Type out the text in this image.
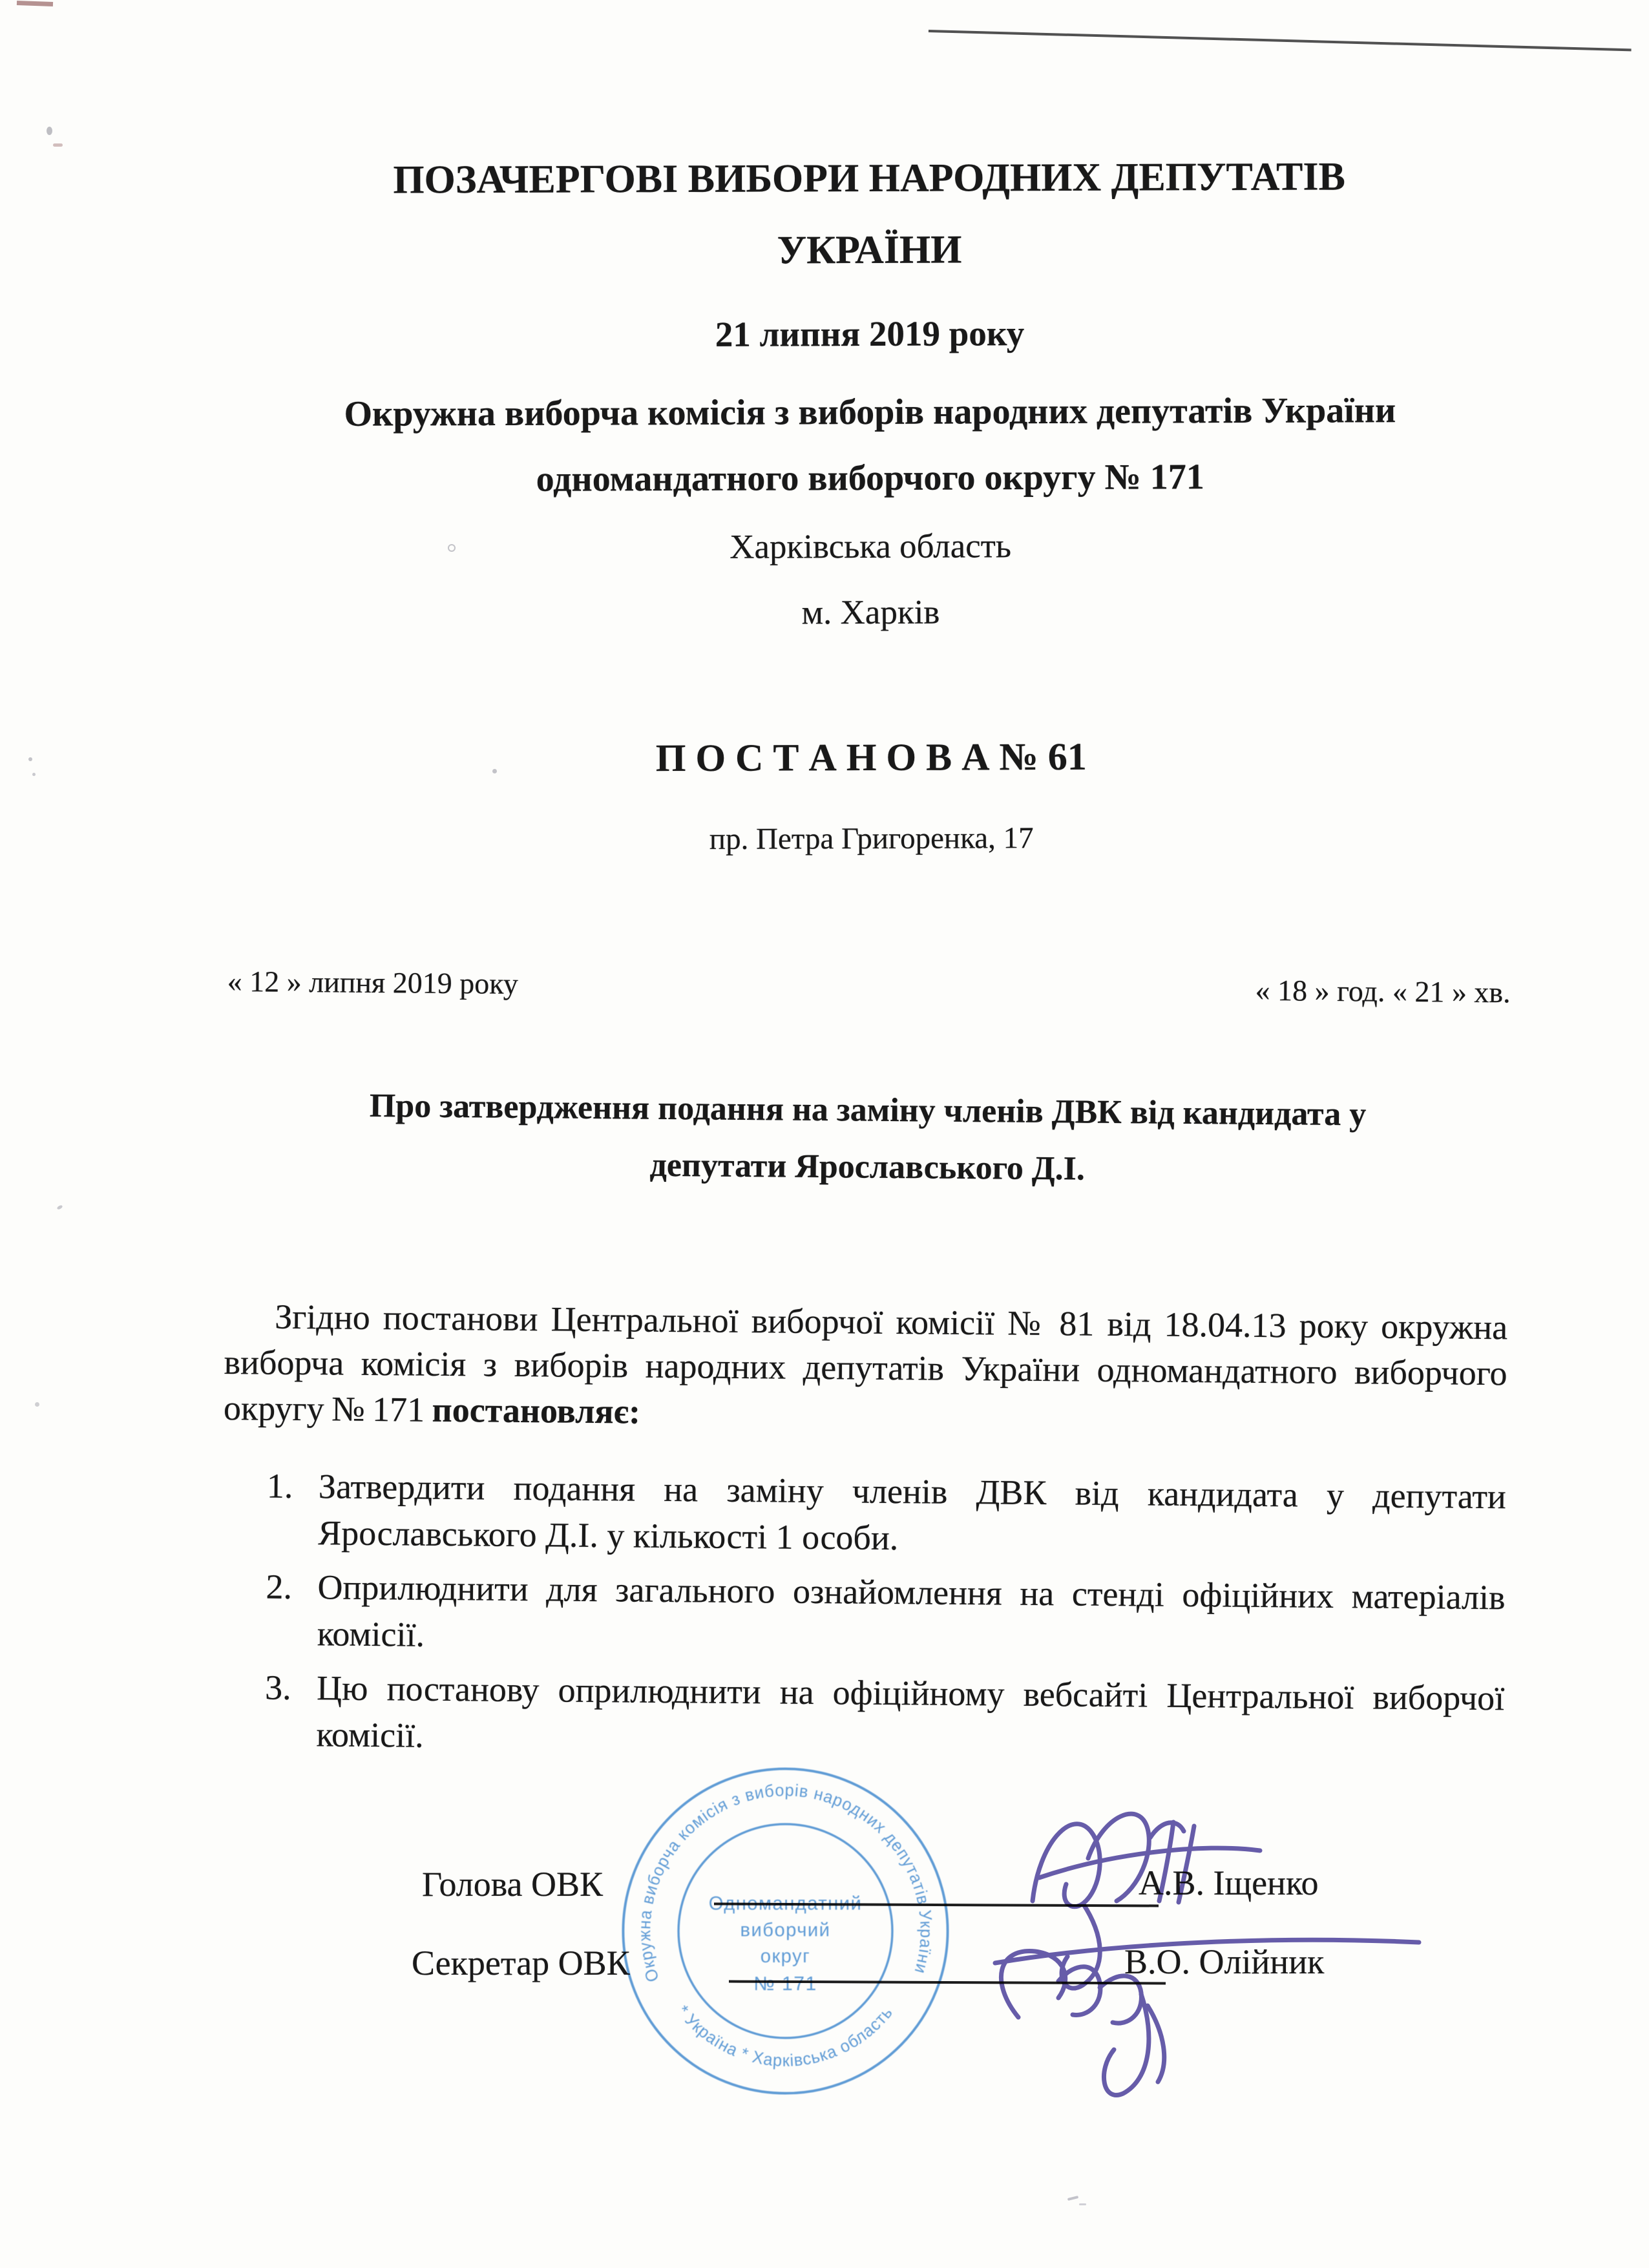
ПОЗАЧЕРГОВІ ВИБОРИ НАРОДНИХ ДЕПУТАТІВ
УКРАЇНИ
21 липня 2019 року
Окружна виборча комісія з виборів народних депутатів України
одномандатного виборчого округу № 171
Харківська область
м. Харків
П О С Т А Н О В А № 61
пр. Петра Григоренка, 17
« 12 » липня 2019 року	« 18 » год. « 21 » хв.
Про затвердження подання на заміну членів ДВК від кандидата у
депутати Ярославського Д.І.

Згідно постанови Центральної виборчої комісії № 81 від 18.04.13 року окружна виборча комісія з виборів народних депутатів України одномандатного виборчого округу № 171 постановляє:

1. Затвердити подання на заміну членів ДВК від кандидата у депутати Ярославського Д.І. у кількості 1 особи.
2. Оприлюднити для загального ознайомлення на стенді офіційних матеріалів комісії.
3. Цю постанову оприлюднити на офіційному вебсайті Центральної виборчої комісії.
Голова ОВК	А.В. Іщенко
Секретар ОВК	В.О. Олійник
Окружна виборча комісія з виборів народних депутатів України
* Україна * Харківська область
Одномандатний
виборчий
округ
№ 171
